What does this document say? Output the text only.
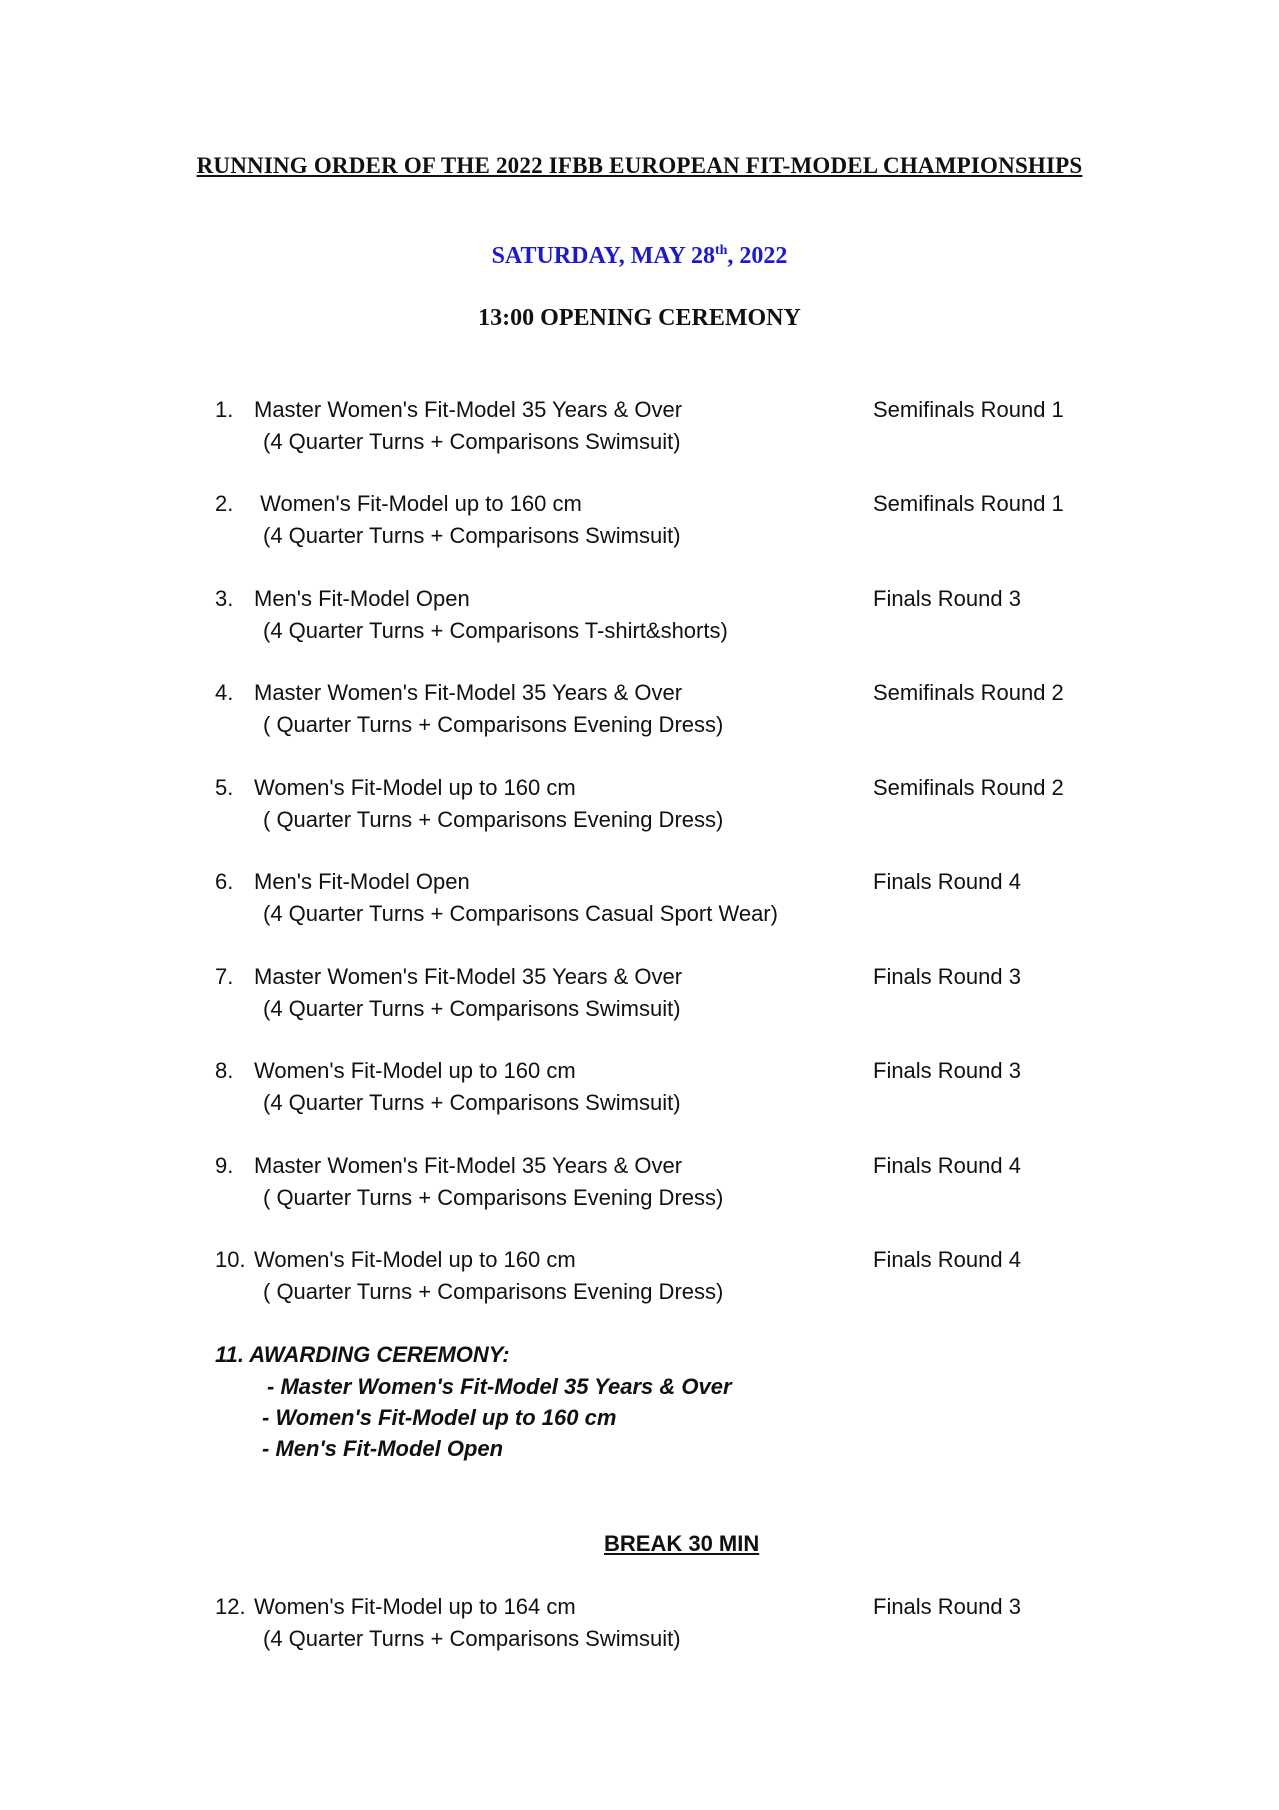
RUNNING ORDER OF THE 2022 IFBB EUROPEAN FIT-MODEL CHAMPIONSHIPS
SATURDAY, MAY 28th, 2022
13:00 OPENING CEREMONY
1. Master Women's Fit-Model 35 Years & Over	Semifinals Round 1
(4 Quarter Turns + Comparisons Swimsuit)
2. Women's Fit-Model up to 160 cm	Semifinals Round 1
(4 Quarter Turns + Comparisons Swimsuit)
3. Men's Fit-Model Open	Finals Round 3
(4 Quarter Turns + Comparisons T-shirt&shorts)
4. Master Women's Fit-Model 35 Years & Over	Semifinals Round 2
( Quarter Turns + Comparisons Evening Dress)
5. Women's Fit-Model up to 160 cm	Semifinals Round 2
( Quarter Turns + Comparisons Evening Dress)
6. Men's Fit-Model Open	Finals Round 4
(4 Quarter Turns + Comparisons Casual Sport Wear)
7. Master Women's Fit-Model 35 Years & Over	Finals Round 3
(4 Quarter Turns + Comparisons Swimsuit)
8. Women's Fit-Model up to 160 cm	Finals Round 3
(4 Quarter Turns + Comparisons Swimsuit)
9. Master Women's Fit-Model 35 Years & Over	Finals Round 4
( Quarter Turns + Comparisons Evening Dress)
10. Women's Fit-Model up to 160 cm	Finals Round 4
( Quarter Turns + Comparisons Evening Dress)
11. AWARDING CEREMONY:
- Master Women's Fit-Model 35 Years & Over
- Women's Fit-Model up to 160 cm
- Men's Fit-Model Open
BREAK 30 MIN
12. Women's Fit-Model up to 164 cm	Finals Round 3
(4 Quarter Turns + Comparisons Swimsuit)
